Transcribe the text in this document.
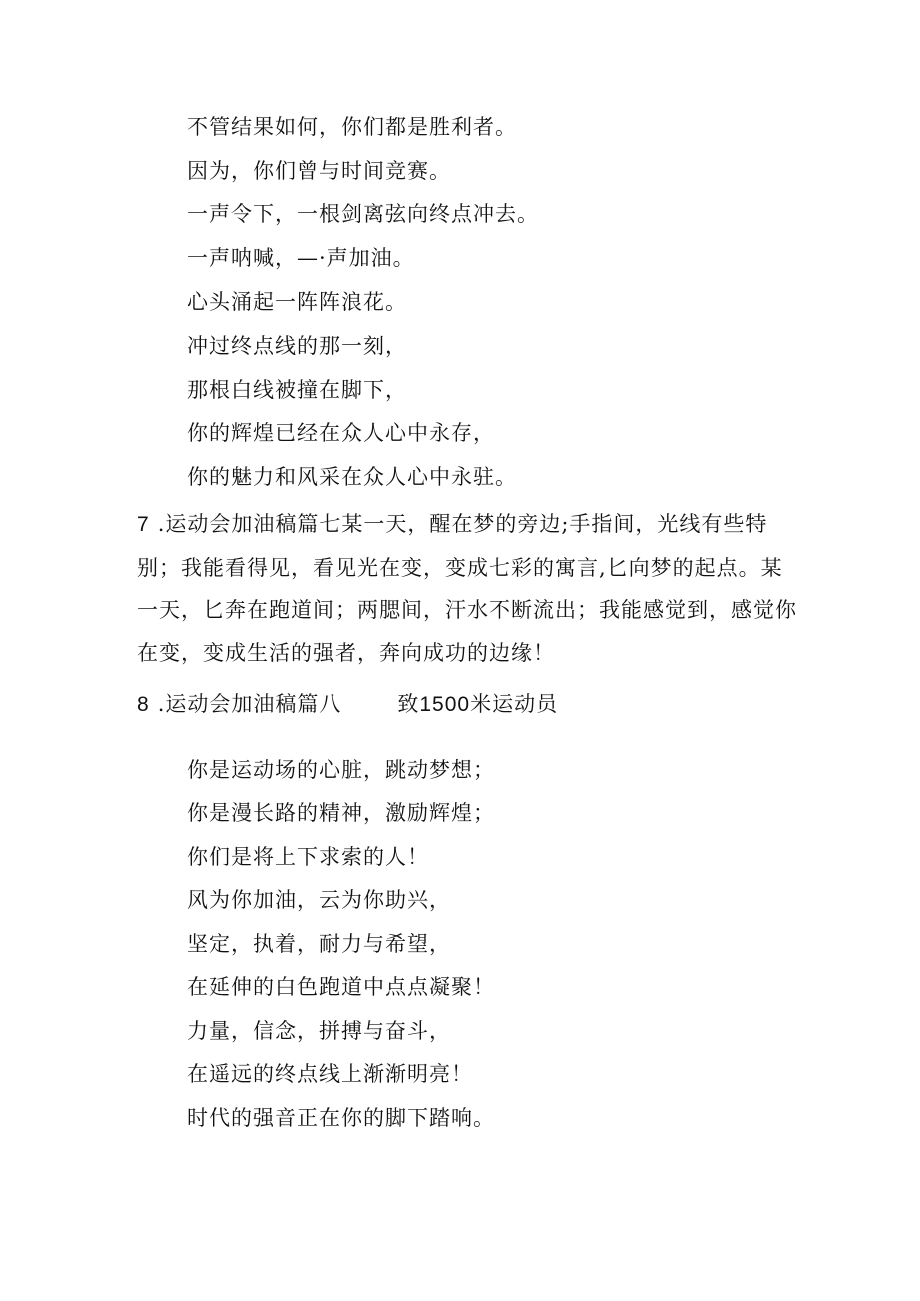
不管结果如何，你们都是胜利者。
因为，你们曾与时间竞赛。
一声令下，一根剑离弦向终点冲去。
一声呐喊，—·声加油。
心头涌起一阵阵浪花。
冲过终点线的那一刻，
那根白线被撞在脚下，
你的辉煌已经在众人心中永存，
你的魅力和风采在众人心中永驻。
7 .运动会加油稿篇七某一天，醒在梦的旁边;手指间，光线有些特别；我能看得见，看见光在变，变成七彩的寓言,匕向梦的起点。某一天，匕奔在跑道间；两腮间，汗水不断流出；我能感觉到，感觉你在变，变成生活的强者，奔向成功的边缘！
8 .运动会加油稿篇八	致1500米运动员
你是运动场的心脏，跳动梦想；
你是漫长路的精神，激励辉煌；
你们是将上下求索的人！
风为你加油，云为你助兴，
坚定，执着，耐力与希望，
在延伸的白色跑道中点点凝聚！
力量，信念，拼搏与奋斗，
在遥远的终点线上渐渐明亮！
时代的强音正在你的脚下踏响。
